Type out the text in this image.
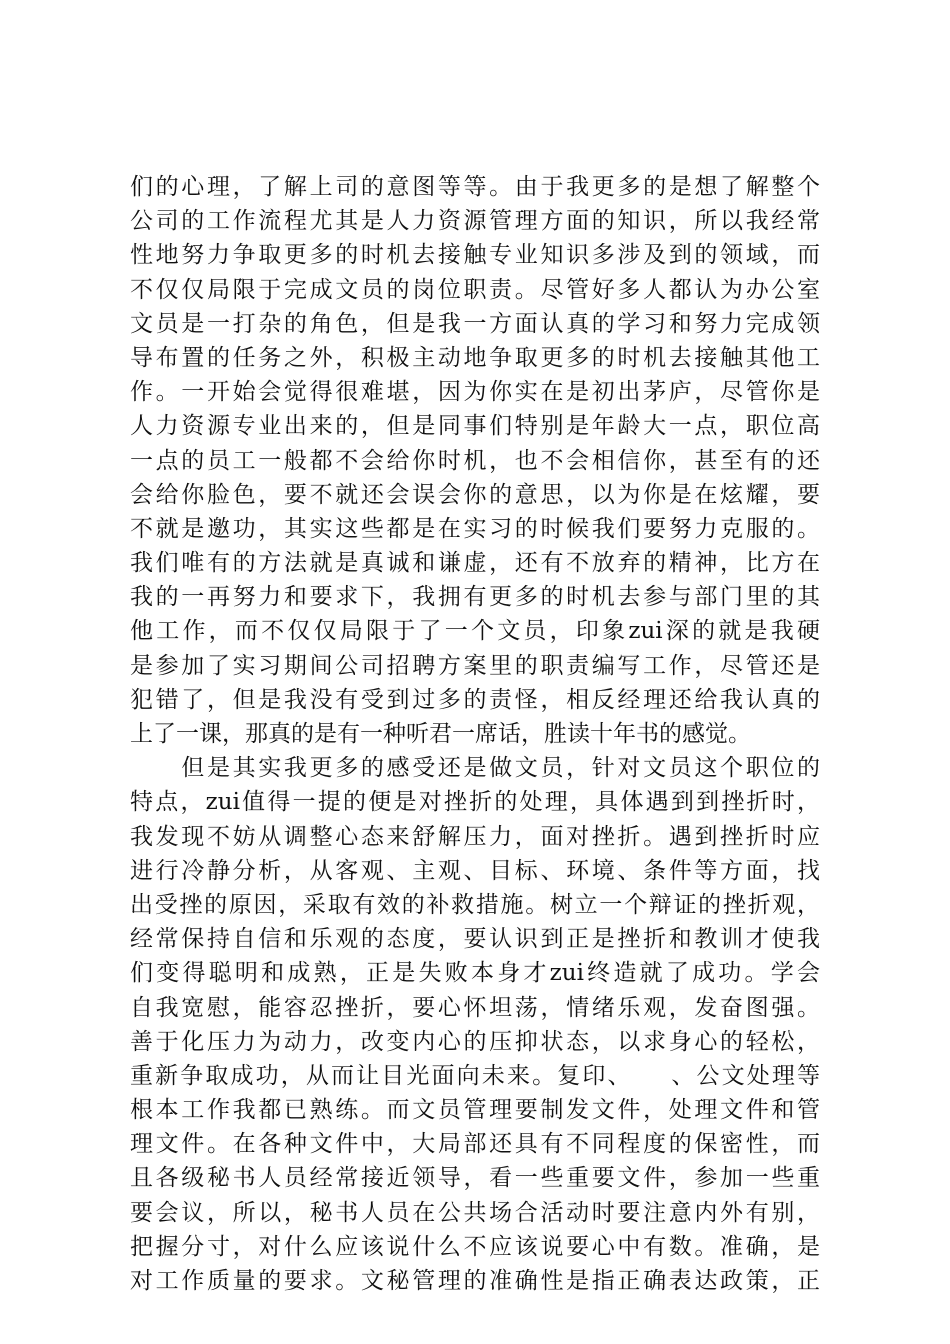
们的心理，了解上司的意图等等。由于我更多的是想了解整个
公司的工作流程尤其是人力资源管理方面的知识，所以我经常
性地努力争取更多的时机去接触专业知识多涉及到的领域，而
不仅仅局限于完成文员的岗位职责。尽管好多人都认为办公室
文员是一打杂的角色，但是我一方面认真的学习和努力完成领
导布置的任务之外，积极主动地争取更多的时机去接触其他工
作。一开始会觉得很难堪，因为你实在是初出茅庐，尽管你是
人力资源专业出来的，但是同事们特别是年龄大一点，职位高
一点的员工一般都不会给你时机，也不会相信你，甚至有的还
会给你脸色，要不就还会误会你的意思，以为你是在炫耀，要
不就是邀功，其实这些都是在实习的时候我们要努力克服的。
我们唯有的方法就是真诚和谦虚，还有不放弃的精神，比方在
我的一再努力和要求下，我拥有更多的时机去参与部门里的其
他工作，而不仅仅局限于了一个文员，印象zui深的就是我硬
是参加了实习期间公司招聘方案里的职责编写工作，尽管还是
犯错了，但是我没有受到过多的责怪，相反经理还给我认真的
上了一课，那真的是有一种听君一席话，胜读十年书的感觉。
　　但是其实我更多的感受还是做文员，针对文员这个职位的
特点，zui值得一提的便是对挫折的处理，具体遇到到挫折时，
我发现不妨从调整心态来舒解压力，面对挫折。遇到挫折时应
进行冷静分析，从客观、主观、目标、环境、条件等方面，找
出受挫的原因，采取有效的补救措施。树立一个辩证的挫折观，
经常保持自信和乐观的态度，要认识到正是挫折和教训才使我
们变得聪明和成熟，正是失败本身才zui终造就了成功。学会
自我宽慰，能容忍挫折，要心怀坦荡，情绪乐观，发奋图强。
善于化压力为动力，改变内心的压抑状态，以求身心的轻松，
重新争取成功，从而让目光面向未来。复印、　　、公文处理等
根本工作我都已熟练。而文员管理要制发文件，处理文件和管
理文件。在各种文件中，大局部还具有不同程度的保密性，而
且各级秘书人员经常接近领导，看一些重要文件，参加一些重
要会议，所以，秘书人员在公共场合活动时要注意内外有别，
把握分寸，对什么应该说什么不应该说要心中有数。准确，是
对工作质量的要求。文秘管理的准确性是指正确表达政策，正
